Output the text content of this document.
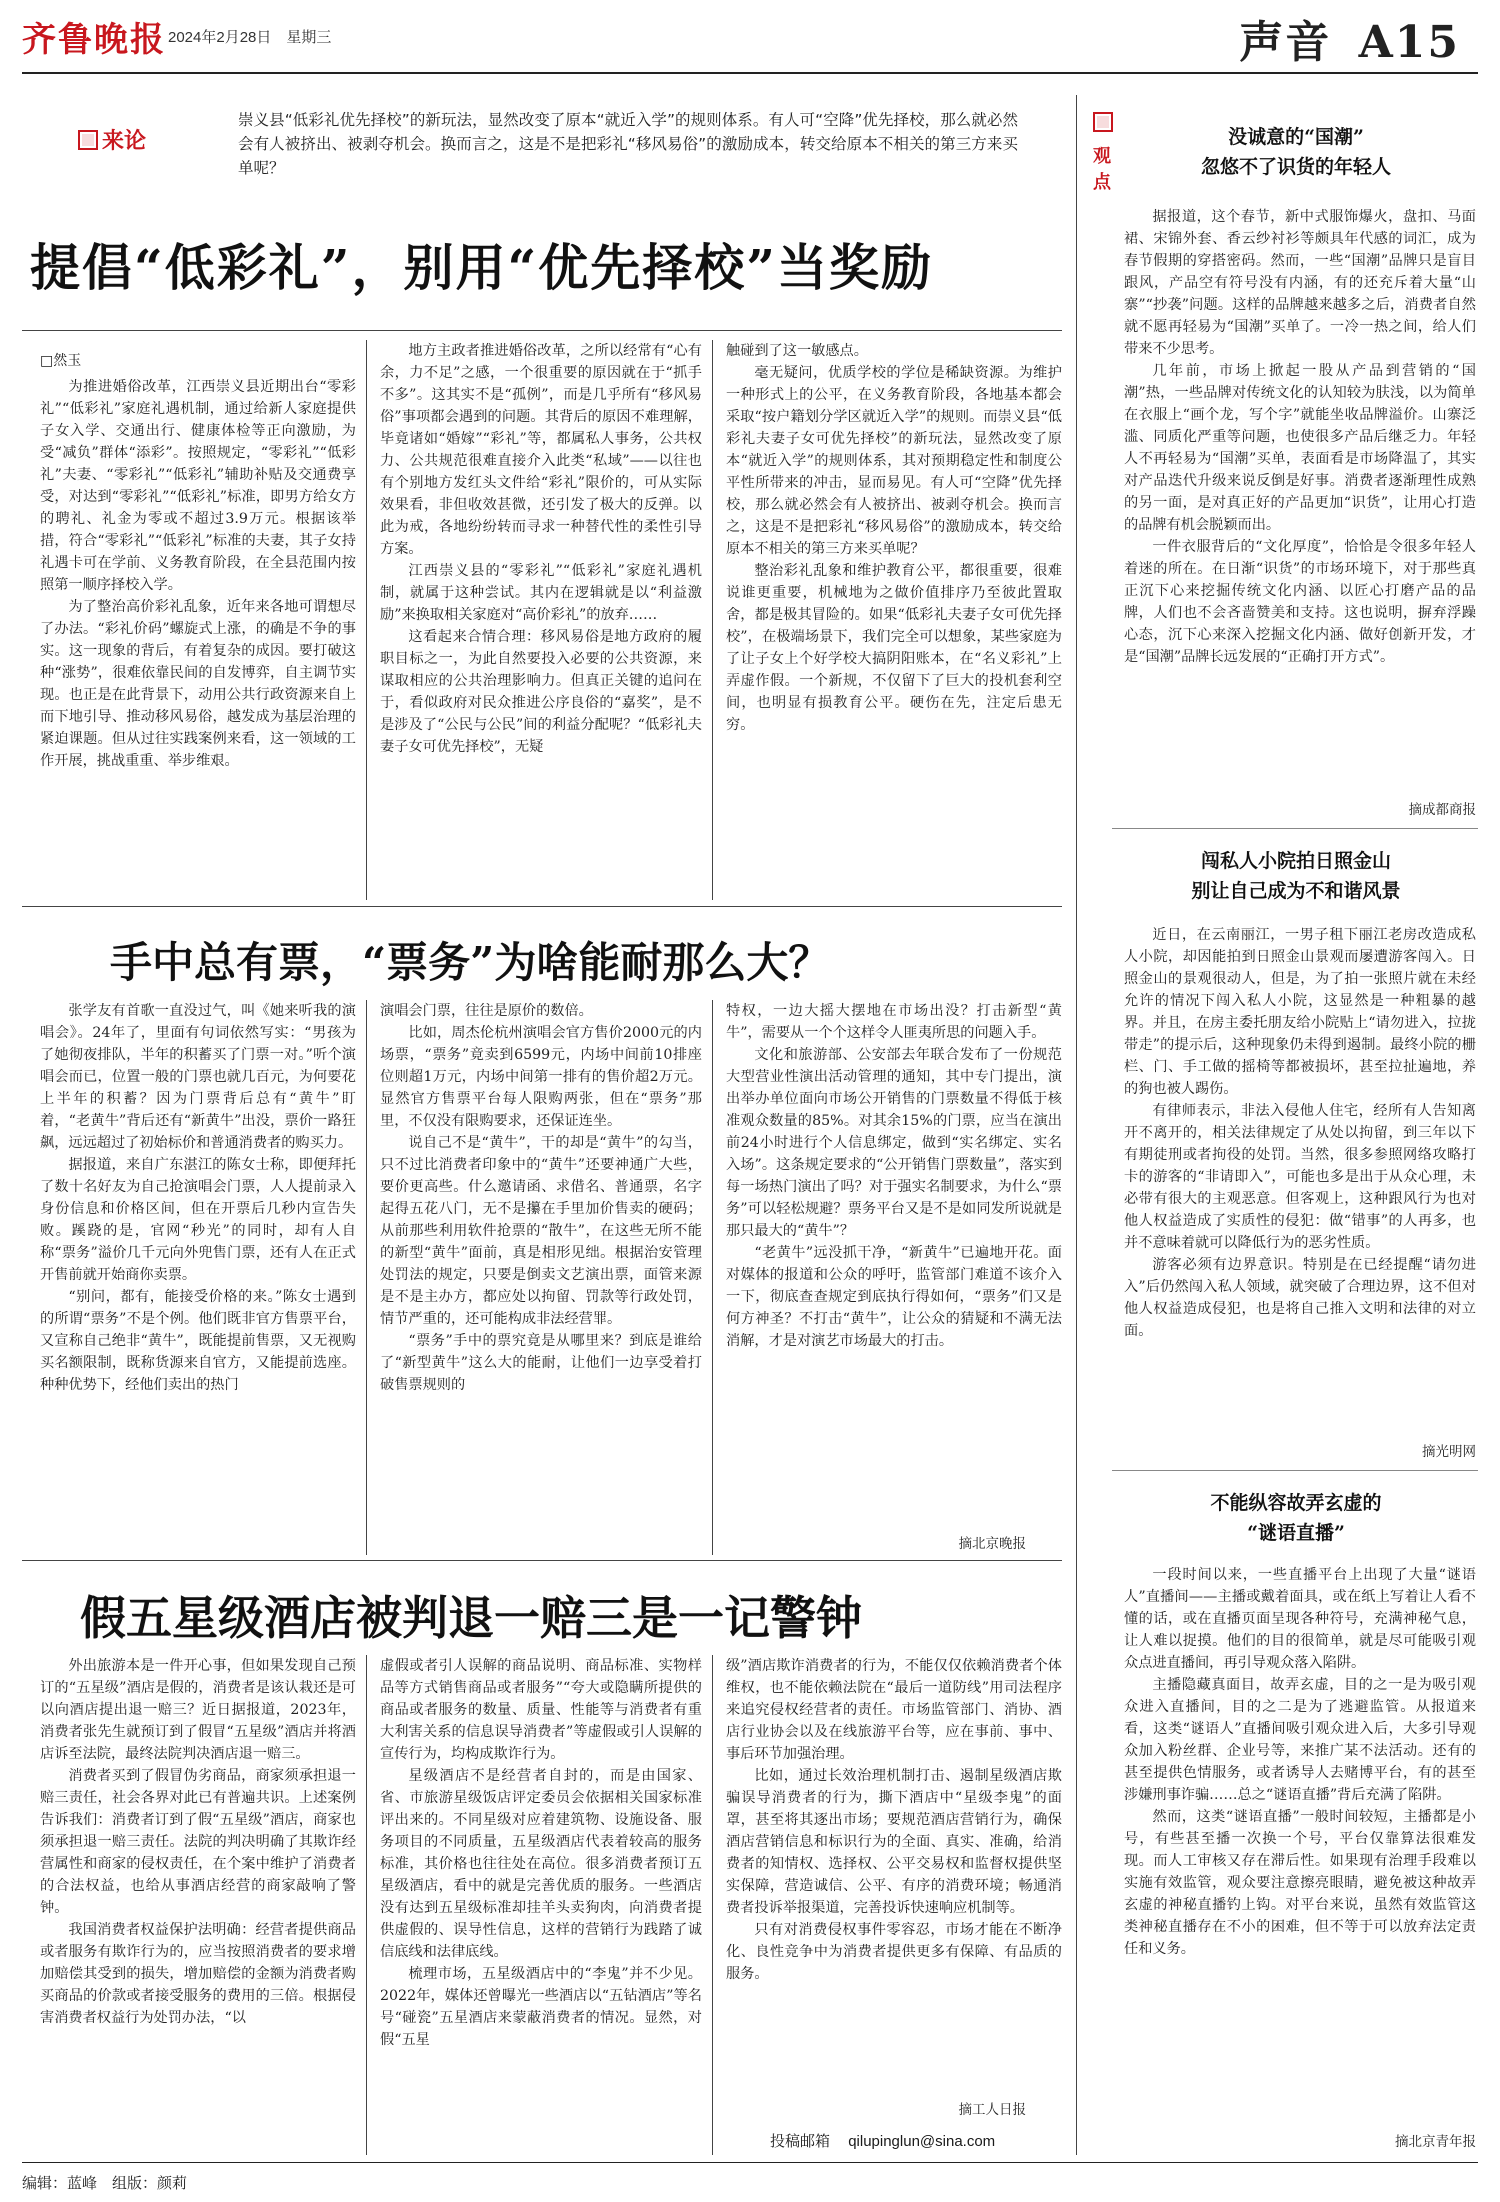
齐鲁晚报 2024年2月28日　星期三	声音 A15
来论
崇义县“低彩礼优先择校”的新玩法，显然改变了原本“就近入学”的规则体系。有人可“空降”优先择校，那么就必然会有人被挤出、被剥夺机会。换而言之，这是不是把彩礼“移风易俗”的激励成本，转交给原本不相关的第三方来买单呢？
提倡“低彩礼”，别用“优先择校”当奖励
□然玉

为推进婚俗改革，江西崇义县近期出台“零彩礼”“低彩礼”家庭礼遇机制，通过给新人家庭提供子女入学、交通出行、健康体检等正向激励，为受“减负”群体“添彩”。按照规定，“零彩礼”“低彩礼”夫妻、“零彩礼”“低彩礼”辅助补贴及交通费享受，对达到“零彩礼”“低彩礼”标准，即男方给女方的聘礼、礼金为零或不超过3.9万元。根据该举措，符合“零彩礼”“低彩礼”标准的夫妻，其子女持礼遇卡可在学前、义务教育阶段，在全县范围内按照第一顺序择校入学。

为了整治高价彩礼乱象，近年来各地可谓想尽了办法。“彩礼价码”螺旋式上涨，的确是不争的事实。这一现象的背后，有着复杂的成因。要打破这种“涨势”，很难依靠民间的自发博弈，自主调节实现。也正是在此背景下，动用公共行政资源来自上而下地引导、推动移风易俗，越发成为基层治理的紧迫课题。但从过往实践案例来看，这一领域的工作开展，挑战重重、举步维艰。

地方主政者推进婚俗改革，之所以经常有“心有余，力不足”之感，一个很重要的原因就在于“抓手不多”。这其实不是“孤例”，而是几乎所有“移风易俗”事项都会遇到的问题。其背后的原因不难理解，毕竟诸如“婚嫁”“彩礼”等，都属私人事务，公共权力、公共规范很难直接介入此类“私域”——以往也有个别地方发红头文件给“彩礼”限价的，可从实际效果看，非但收效甚微，还引发了极大的反弹。以此为戒，各地纷纷转而寻求一种替代性的柔性引导方案。

江西崇义县的“零彩礼”“低彩礼”家庭礼遇机制，就属于这种尝试。其内在逻辑就是以“利益激励”来换取相关家庭对“高价彩礼”的放弃……

这看起来合情合理：移风易俗是地方政府的履职目标之一，为此自然要投入必要的公共资源，来谋取相应的公共治理影响力。但真正关键的追问在于，看似政府对民众推进公序良俗的“嘉奖”，是不是涉及了“公民与公民”间的利益分配呢？“低彩礼夫妻子女可优先择校”，无疑

触碰到了这一敏感点。

毫无疑问，优质学校的学位是稀缺资源。为维护一种形式上的公平，在义务教育阶段，各地基本都会采取“按户籍划分学区就近入学”的规则。而崇义县“低彩礼夫妻子女可优先择校”的新玩法，显然改变了原本“就近入学”的规则体系，其对预期稳定性和制度公平性所带来的冲击，显而易见。有人可“空降”优先择校，那么就必然会有人被挤出、被剥夺机会。换而言之，这是不是把彩礼“移风易俗”的激励成本，转交给原本不相关的第三方来买单呢？

整治彩礼乱象和维护教育公平，都很重要，很难说谁更重要，机械地为之做价值排序乃至彼此置取舍，都是极其冒险的。如果“低彩礼夫妻子女可优先择校”，在极端场景下，我们完全可以想象，某些家庭为了让子女上个好学校大搞阴阳账本，在“名义彩礼”上弄虚作假。一个新规，不仅留下了巨大的投机套利空间，也明显有损教育公平。硬伤在先，注定后患无穷。

手中总有票，“票务”为啥能耐那么大？

张学友有首歌一直没过气，叫《她来听我的演唱会》。24年了，里面有句词依然写实：“男孩为了她彻夜排队，半年的积蓄买了门票一对。”听个演唱会而已，位置一般的门票也就几百元，为何要花上半年的积蓄？因为门票背后总有“黄牛”盯着，“老黄牛”背后还有“新黄牛”出没，票价一路狂飙，远远超过了初始标价和普通消费者的购买力。

据报道，来自广东湛江的陈女士称，即便拜托了数十名好友为自己抢演唱会门票，人人提前录入身份信息和价格区间，但在开票后几秒内宣告失败。蹊跷的是，官网“秒光”的同时，却有人自称“票务”溢价几千元向外兜售门票，还有人在正式开售前就开始商你卖票。

“别问，都有，能接受价格的来。”陈女士遇到的所谓“票务”不是个例。他们既非官方售票平台，又宣称自己绝非“黄牛”，既能提前售票，又无视购买名额限制，既称货源来自官方，又能提前选座。种种优势下，经他们卖出的热门

演唱会门票，往往是原价的数倍。

比如，周杰伦杭州演唱会官方售价2000元的内场票，“票务”竟卖到6599元，内场中间前10排座位则超1万元，内场中间第一排有的售价超2万元。显然官方售票平台每人限购两张，但在“票务”那里，不仅没有限购要求，还保证连坐。

说自己不是“黄牛”，干的却是“黄牛”的勾当，只不过比消费者印象中的“黄牛”还要神通广大些，要价更高些。什么邀请函、求借名、普通票，名字起得五花八门，无不是攥在手里加价售卖的硬码；从前那些利用软件抢票的“散牛”，在这些无所不能的新型“黄牛”面前，真是相形见绌。根据治安管理处罚法的规定，只要是倒卖文艺演出票，面管来源是不是主办方，都应处以拘留、罚款等行政处罚，情节严重的，还可能构成非法经营罪。

“票务”手中的票究竟是从哪里来？到底是谁给了“新型黄牛”这么大的能耐，让他们一边享受着打破售票规则的

特权，一边大摇大摆地在市场出没？打击新型“黄牛”，需要从一个个这样令人匪夷所思的问题入手。

文化和旅游部、公安部去年联合发布了一份规范大型营业性演出活动管理的通知，其中专门提出，演出举办单位面向市场公开销售的门票数量不得低于核准观众数量的85%。对其余15%的门票，应当在演出前24小时进行个人信息绑定，做到“实名绑定、实名入场”。这条规定要求的“公开销售门票数量”，落实到每一场热门演出了吗？对于强实名制要求，为什么“票务”可以轻松规避？票务平台又是不是如同发所说就是那只最大的“黄牛”？

“老黄牛”远没抓干净，“新黄牛”已遍地开花。面对媒体的报道和公众的呼吁，监管部门难道不该介入一下，彻底查查规定到底执行得如何，“票务”们又是何方神圣？不打击“黄牛”，让公众的猜疑和不满无法消解，才是对演艺市场最大的打击。

摘北京晚报
假五星级酒店被判退一赔三是一记警钟

外出旅游本是一件开心事，但如果发现自己预订的“五星级”酒店是假的，消费者是该认栽还是可以向酒店提出退一赔三？近日据报道，2023年，消费者张先生就预订到了假冒“五星级”酒店并将酒店诉至法院，最终法院判决酒店退一赔三。

消费者买到了假冒伪劣商品，商家须承担退一赔三责任，社会各界对此已有普遍共识。上述案例告诉我们：消费者订到了假“五星级”酒店，商家也须承担退一赔三责任。法院的判决明确了其欺诈经营属性和商家的侵权责任，在个案中维护了消费者的合法权益，也给从事酒店经营的商家敲响了警钟。

我国消费者权益保护法明确：经营者提供商品或者服务有欺诈行为的，应当按照消费者的要求增加赔偿其受到的损失，增加赔偿的金额为消费者购买商品的价款或者接受服务的费用的三倍。根据侵害消费者权益行为处罚办法，“以

虚假或者引人误解的商品说明、商品标准、实物样品等方式销售商品或者服务”“夸大或隐瞒所提供的商品或者服务的数量、质量、性能等与消费者有重大利害关系的信息误导消费者”等虚假或引人误解的宣传行为，均构成欺诈行为。

星级酒店不是经营者自封的，而是由国家、省、市旅游星级饭店评定委员会依据相关国家标准评出来的。不同星级对应着建筑物、设施设备、服务项目的不同质量，五星级酒店代表着较高的服务标准，其价格也往往处在高位。很多消费者预订五星级酒店，看中的就是完善优质的服务。一些酒店没有达到五星级标准却挂羊头卖狗肉，向消费者提供虚假的、误导性信息，这样的营销行为践踏了诚信底线和法律底线。

梳理市场，五星级酒店中的“李鬼”并不少见。2022年，媒体还曾曝光一些酒店以“五钻酒店”等名号“碰瓷”五星酒店来蒙蔽消费者的情况。显然，对假“五星

级”酒店欺诈消费者的行为，不能仅仅依赖消费者个体维权，也不能依赖法院在“最后一道防线”用司法程序来追究侵权经营者的责任。市场监管部门、消协、酒店行业协会以及在线旅游平台等，应在事前、事中、事后环节加强治理。

比如，通过长效治理机制打击、遏制星级酒店欺骗误导消费者的行为，撕下酒店中“星级李鬼”的面罩，甚至将其逐出市场；要规范酒店营销行为，确保酒店营销信息和标识行为的全面、真实、准确，给消费者的知情权、选择权、公平交易权和监督权提供坚实保障，营造诚信、公平、有序的消费环境；畅通消费者投诉举报渠道，完善投诉快速响应机制等。

只有对消费侵权事件零容忍，市场才能在不断净化、良性竞争中为消费者提供更多有保障、有品质的服务。

摘工人日报
投稿邮箱 qilupinglun@sina.com
观点
没诚意的“国潮”
忽悠不了识货的年轻人

据报道，这个春节，新中式服饰爆火，盘扣、马面裙、宋锦外套、香云纱衬衫等颇具年代感的词汇，成为春节假期的穿搭密码。然而，一些“国潮”品牌只是盲目跟风，产品空有符号没有内涵，有的还充斥着大量“山寨”“抄袭”问题。这样的品牌越来越多之后，消费者自然就不愿再轻易为“国潮”买单了。一冷一热之间，给人们带来不少思考。

几年前，市场上掀起一股从产品到营销的“国潮”热，一些品牌对传统文化的认知较为肤浅，以为简单在衣服上“画个龙，写个字”就能坐收品牌溢价。山寨泛滥、同质化严重等问题，也使很多产品后继乏力。年轻人不再轻易为“国潮”买单，表面看是市场降温了，其实对产品迭代升级来说反倒是好事。消费者逐渐理性成熟的另一面，是对真正好的产品更加“识货”，让用心打造的品牌有机会脱颖而出。

一件衣服背后的“文化厚度”，恰恰是令很多年轻人着迷的所在。在日渐“识货”的市场环境下，对于那些真正沉下心来挖掘传统文化内涵、以匠心打磨产品的品牌，人们也不会吝啬赞美和支持。这也说明，摒弃浮躁心态，沉下心来深入挖掘文化内涵、做好创新开发，才是“国潮”品牌长远发展的“正确打开方式”。

摘成都商报
闯私人小院拍日照金山
别让自己成为不和谐风景

近日，在云南丽江，一男子租下丽江老房改造成私人小院，却因能拍到日照金山景观而屡遭游客闯入。日照金山的景观很动人，但是，为了拍一张照片就在未经允许的情况下闯入私人小院，这显然是一种粗暴的越界。并且，在房主委托朋友给小院贴上“请勿进入，拉拢带走”的提示后，这种现象仍未得到遏制。最终小院的栅栏、门、手工做的摇椅等都被损坏，甚至拉扯遍地，养的狗也被人踢伤。

有律师表示，非法入侵他人住宅，经所有人告知离开不离开的，相关法律规定了从处以拘留，到三年以下有期徒刑或者拘役的处罚。当然，很多参照网络攻略打卡的游客的“非请即入”，可能也多是出于从众心理，未必带有很大的主观恶意。但客观上，这种跟风行为也对他人权益造成了实质性的侵犯：做“错事”的人再多，也并不意味着就可以降低行为的恶劣性质。

游客必须有边界意识。特别是在已经提醒“请勿进入”后仍然闯入私人领域，就突破了合理边界，这不但对他人权益造成侵犯，也是将自己推入文明和法律的对立面。

摘光明网
不能纵容故弄玄虚的
“谜语直播”

一段时间以来，一些直播平台上出现了大量“谜语人”直播间——主播或戴着面具，或在纸上写着让人看不懂的话，或在直播页面呈现各种符号，充满神秘气息，让人难以捉摸。他们的目的很简单，就是尽可能吸引观众点进直播间，再引导观众落入陷阱。

主播隐藏真面目，故弄玄虚，目的之一是为吸引观众进入直播间，目的之二是为了逃避监管。从报道来看，这类“谜语人”直播间吸引观众进入后，大多引导观众加入粉丝群、企业号等，来推广某不法活动。还有的甚至提供色情服务，或者诱导人去赌博平台，有的甚至涉嫌刑事诈骗……总之“谜语直播”背后充满了陷阱。

然而，这类“谜语直播”一般时间较短，主播都是小号，有些甚至播一次换一个号，平台仅靠算法很难发现。而人工审核又存在滞后性。如果现有治理手段难以实施有效监管，观众要注意擦亮眼睛，避免被这种故弄玄虚的神秘直播钓上钩。对平台来说，虽然有效监管这类神秘直播存在不小的困难，但不等于可以放弃法定责任和义务。

摘北京青年报
编辑：蓝峰　组版：颜莉
